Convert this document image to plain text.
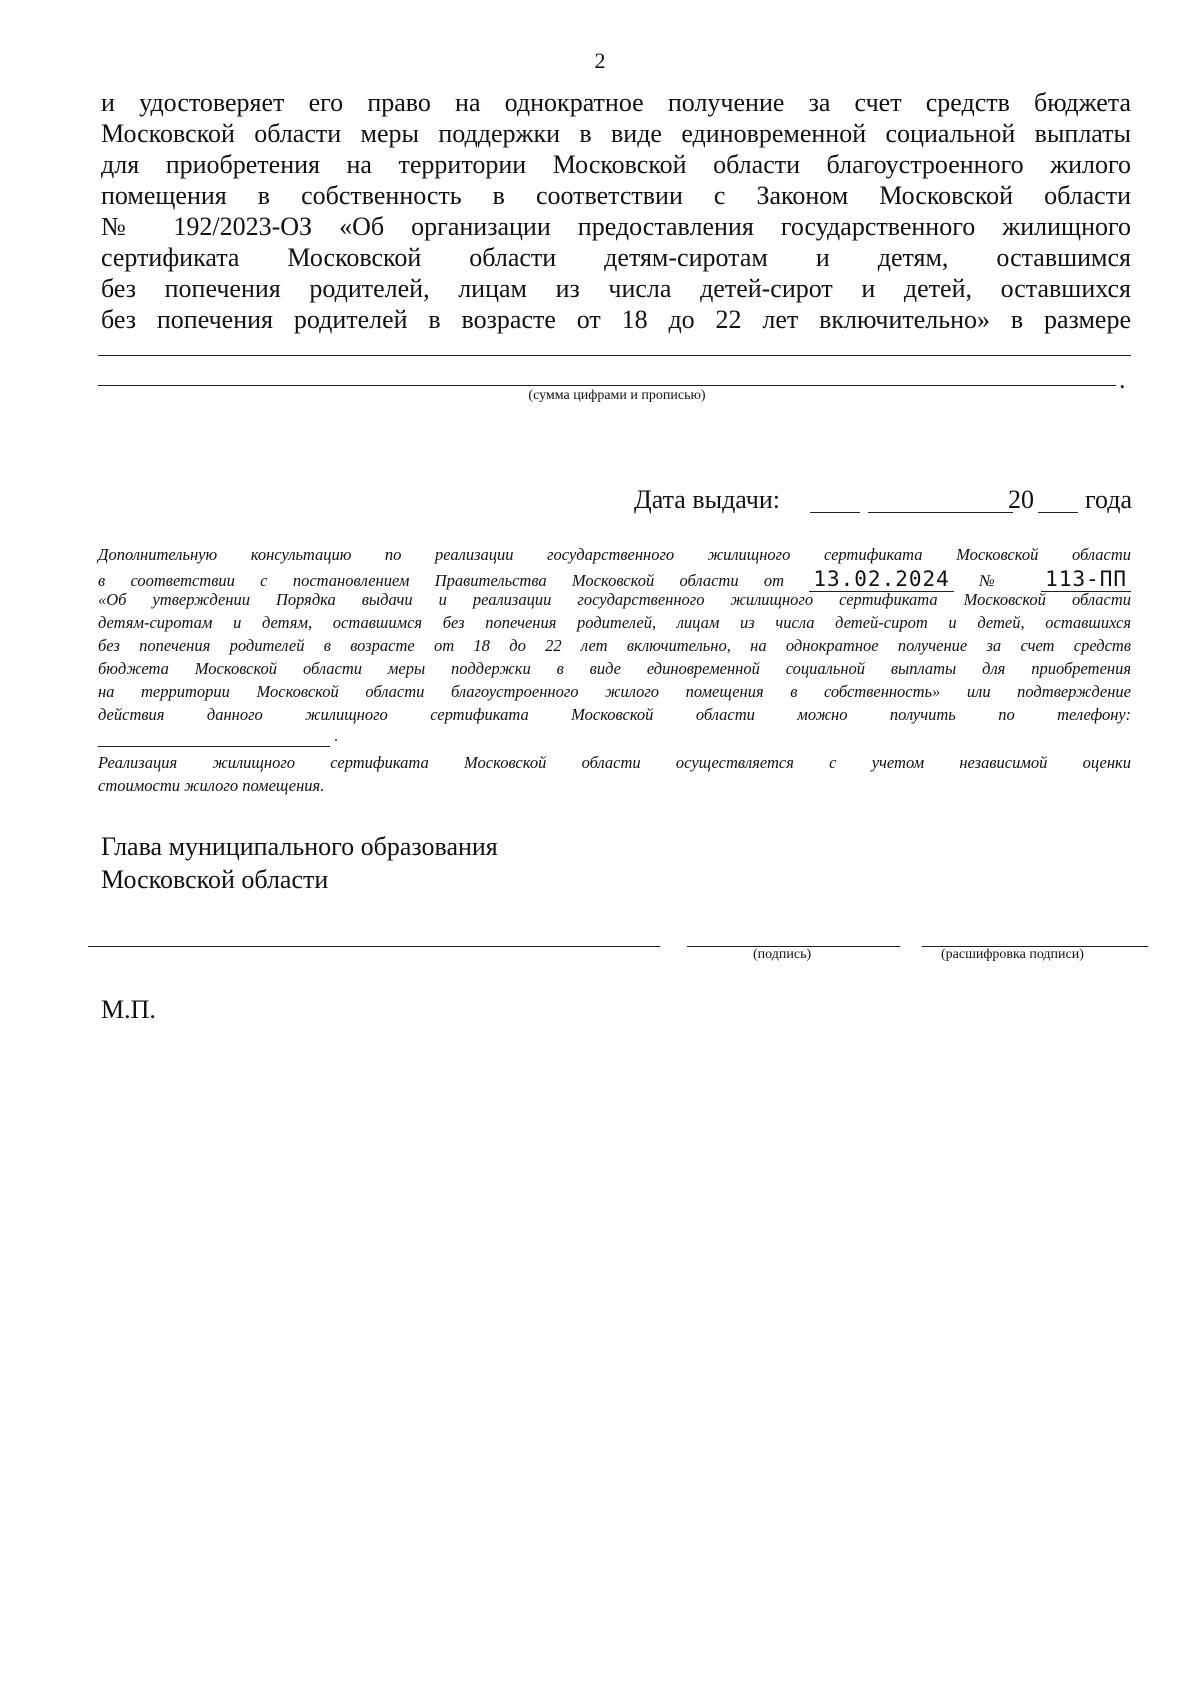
2
и удостоверяет его право на однократное получение за счет средств бюджета
Московской области меры поддержки в виде единовременной социальной выплаты
для приобретения на территории Московской области благоустроенного жилого
помещения в собственность в соответствии с Законом Московской области
№ 192/2023-ОЗ «Об организации предоставления государственного жилищного
сертификата Московской области детям-сиротам и детям, оставшимся
без попечения родителей, лицам из числа детей-сирот и детей, оставшихся
без попечения родителей в возрасте от 18 до 22 лет включительно» в размере
.
(сумма цифрами и прописью)
Дата выдачи:	20 года
Дополнительную консультацию по реализации государственного жилищного сертификата Московской области
в соответствии с постановлением Правительства Московской области от 13.02.2024 № 113-ПП
«Об утверждении Порядка выдачи и реализации государственного жилищного сертификата Московской области
детям-сиротам и детям, оставшимся без попечения родителей, лицам из числа детей-сирот и детей, оставшихся
без попечения родителей в возрасте от 18 до 22 лет включительно, на однократное получение за счет средств
бюджета Московской области меры поддержки в виде единовременной социальной выплаты для приобретения
на территории Московской области благоустроенного жилого помещения в собственность» или подтверждение
действия данного жилищного сертификата Московской области можно получить по телефону:
.
Реализация жилищного сертификата Московской области осуществляется с учетом независимой оценки
стоимости жилого помещения.
Глава муниципального образования
Московской области
(подпись)	(расшифровка подписи)
М.П.
